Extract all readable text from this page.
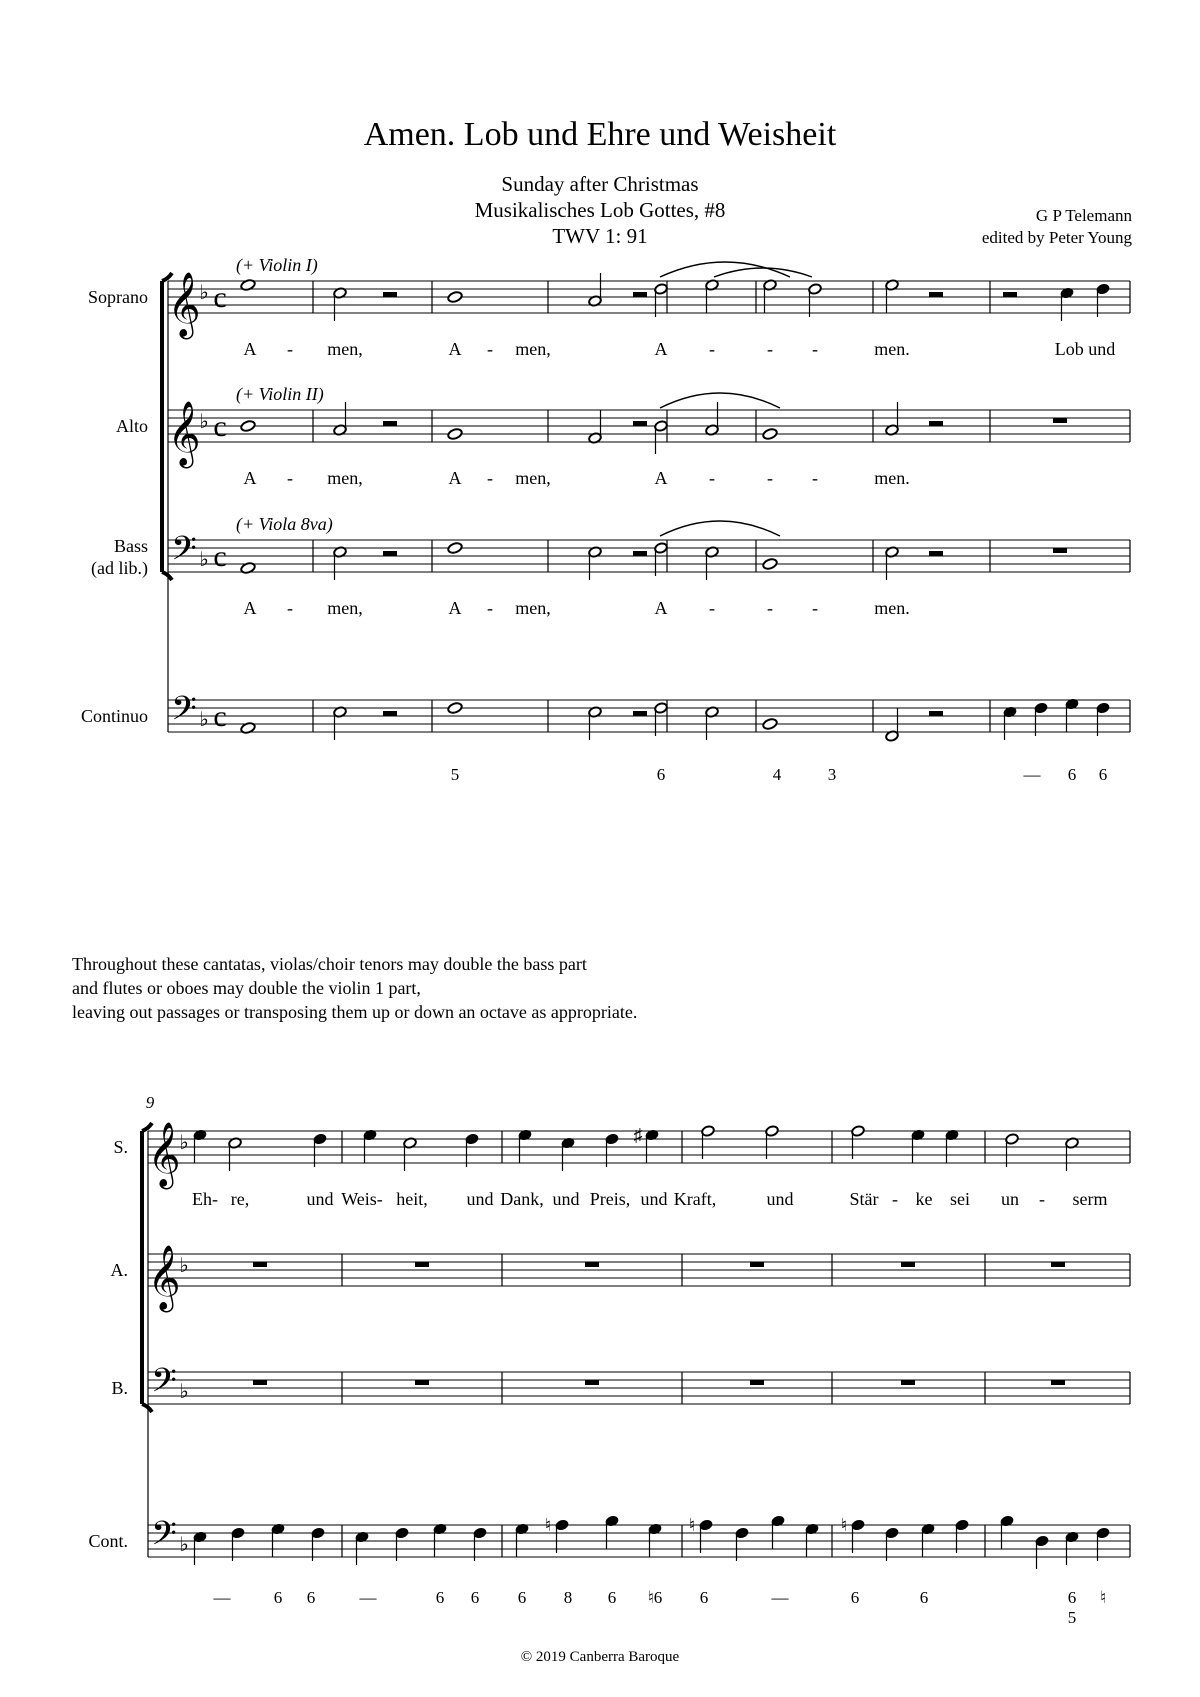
Amen. Lob und Ehre und Weisheit
Sunday after Christmas
Musikalisches Lob Gottes, #8
TWV 1: 91
G P Telemann
edited by Peter Young
Throughout these cantatas, violas/choir tenors may double the bass part
and flutes or oboes may double the violin 1 part,
leaving out passages or transposing them up or down an octave as appropriate.
© 2019 Canberra Baroque
𝄞
♭ c
Soprano
(+ Violin I)
A - men,	A - men,	A -	- -	men.	Lob und
𝄞
♭ c
Alto
(+ Violin II)
A - men,	A - men,	A -	- -	men.
𝄢 ♭ c
Bass
(ad lib.)
(+ Viola 8va)
A - men,	A - men,	A -	- -	men.
𝄢 ♭ c
Continuo
5	6	4	3	— 6 6
9
𝄞
♭
S.
𝄞
♭
A.
𝄢 ♭
B.
𝄢 ♭
Cont.
♯
Eh- re,	und Weis- heit, und Dank, und Preis, und Kraft,	und	Stär - ke sei un - serm
♮	♮	♮
—	6 6	—	6 6 6 8 6 ♮6 6	—	6	6	6
5
♮
